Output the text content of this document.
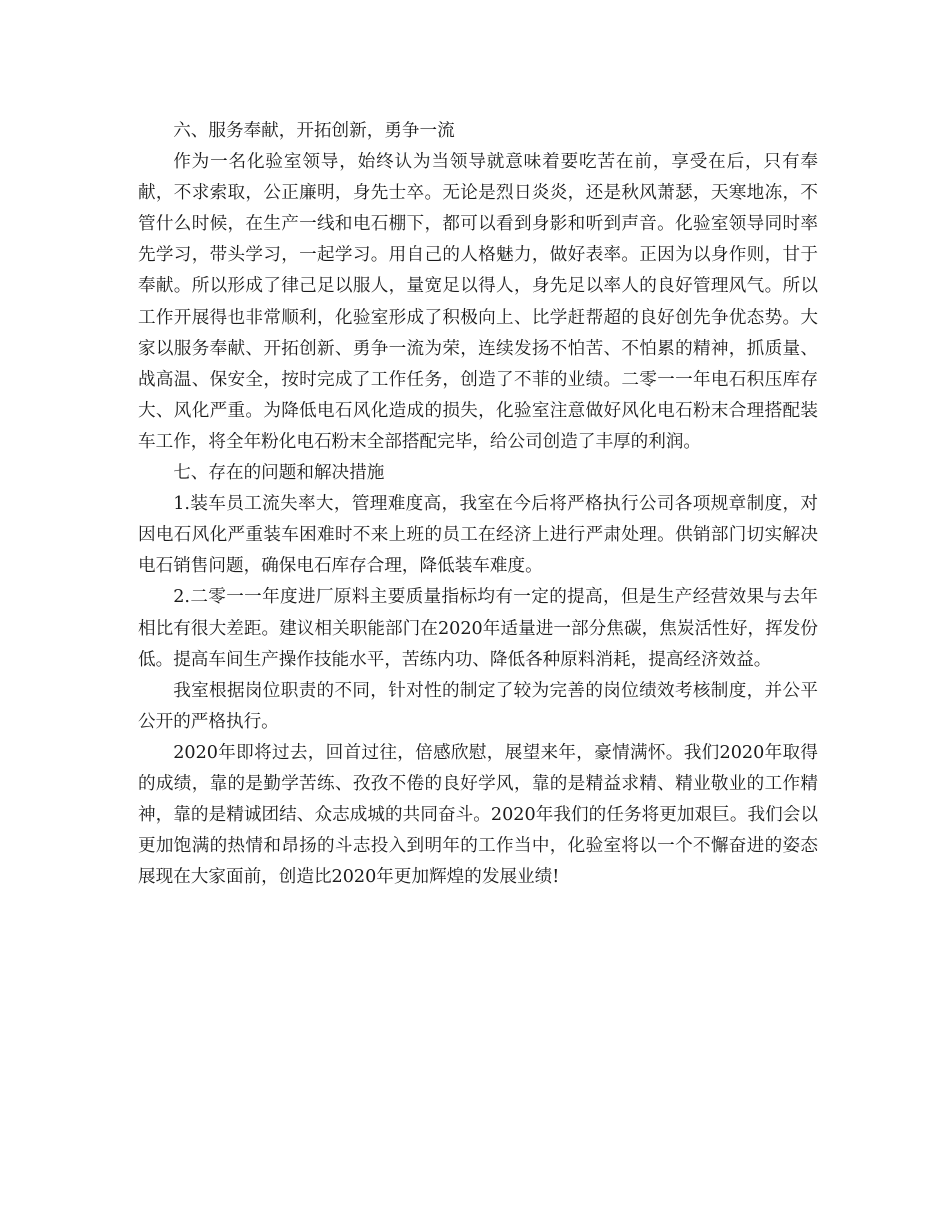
六、服务奉献，开拓创新，勇争一流

作为一名化验室领导，始终认为当领导就意味着要吃苦在前，享受在后，只有奉献，不求索取，公正廉明，身先士卒。无论是烈日炎炎，还是秋风萧瑟，天寒地冻，不管什么时候，在生产一线和电石棚下，都可以看到身影和听到声音。化验室领导同时率先学习，带头学习，一起学习。用自己的人格魅力，做好表率。正因为以身作则，甘于奉献。所以形成了律己足以服人，量宽足以得人，身先足以率人的良好管理风气。所以工作开展得也非常顺利，化验室形成了积极向上、比学赶帮超的良好创先争优态势。大家以服务奉献、开拓创新、勇争一流为荣，连续发扬不怕苦、不怕累的精神，抓质量、战高温、保安全，按时完成了工作任务，创造了不菲的业绩。二零一一年电石积压库存大、风化严重。为降低电石风化造成的损失，化验室注意做好风化电石粉末合理搭配装车工作，将全年粉化电石粉末全部搭配完毕，给公司创造了丰厚的利润。

七、存在的问题和解决措施

1.装车员工流失率大，管理难度高，我室在今后将严格执行公司各项规章制度，对因电石风化严重装车困难时不来上班的员工在经济上进行严肃处理。供销部门切实解决电石销售问题，确保电石库存合理，降低装车难度。

2.二零一一年度进厂原料主要质量指标均有一定的提高，但是生产经营效果与去年相比有很大差距。建议相关职能部门在2020年适量进一部分焦碳，焦炭活性好，挥发份低。提高车间生产操作技能水平，苦练内功、降低各种原料消耗，提高经济效益。

我室根据岗位职责的不同，针对性的制定了较为完善的岗位绩效考核制度，并公平公开的严格执行。

2020年即将过去，回首过往，倍感欣慰，展望来年，豪情满怀。我们2020年取得的成绩，靠的是勤学苦练、孜孜不倦的良好学风，靠的是精益求精、精业敬业的工作精神，靠的是精诚团结、众志成城的共同奋斗。2020年我们的任务将更加艰巨。我们会以更加饱满的热情和昂扬的斗志投入到明年的工作当中，化验室将以一个不懈奋进的姿态展现在大家面前，创造比2020年更加辉煌的发展业绩!
